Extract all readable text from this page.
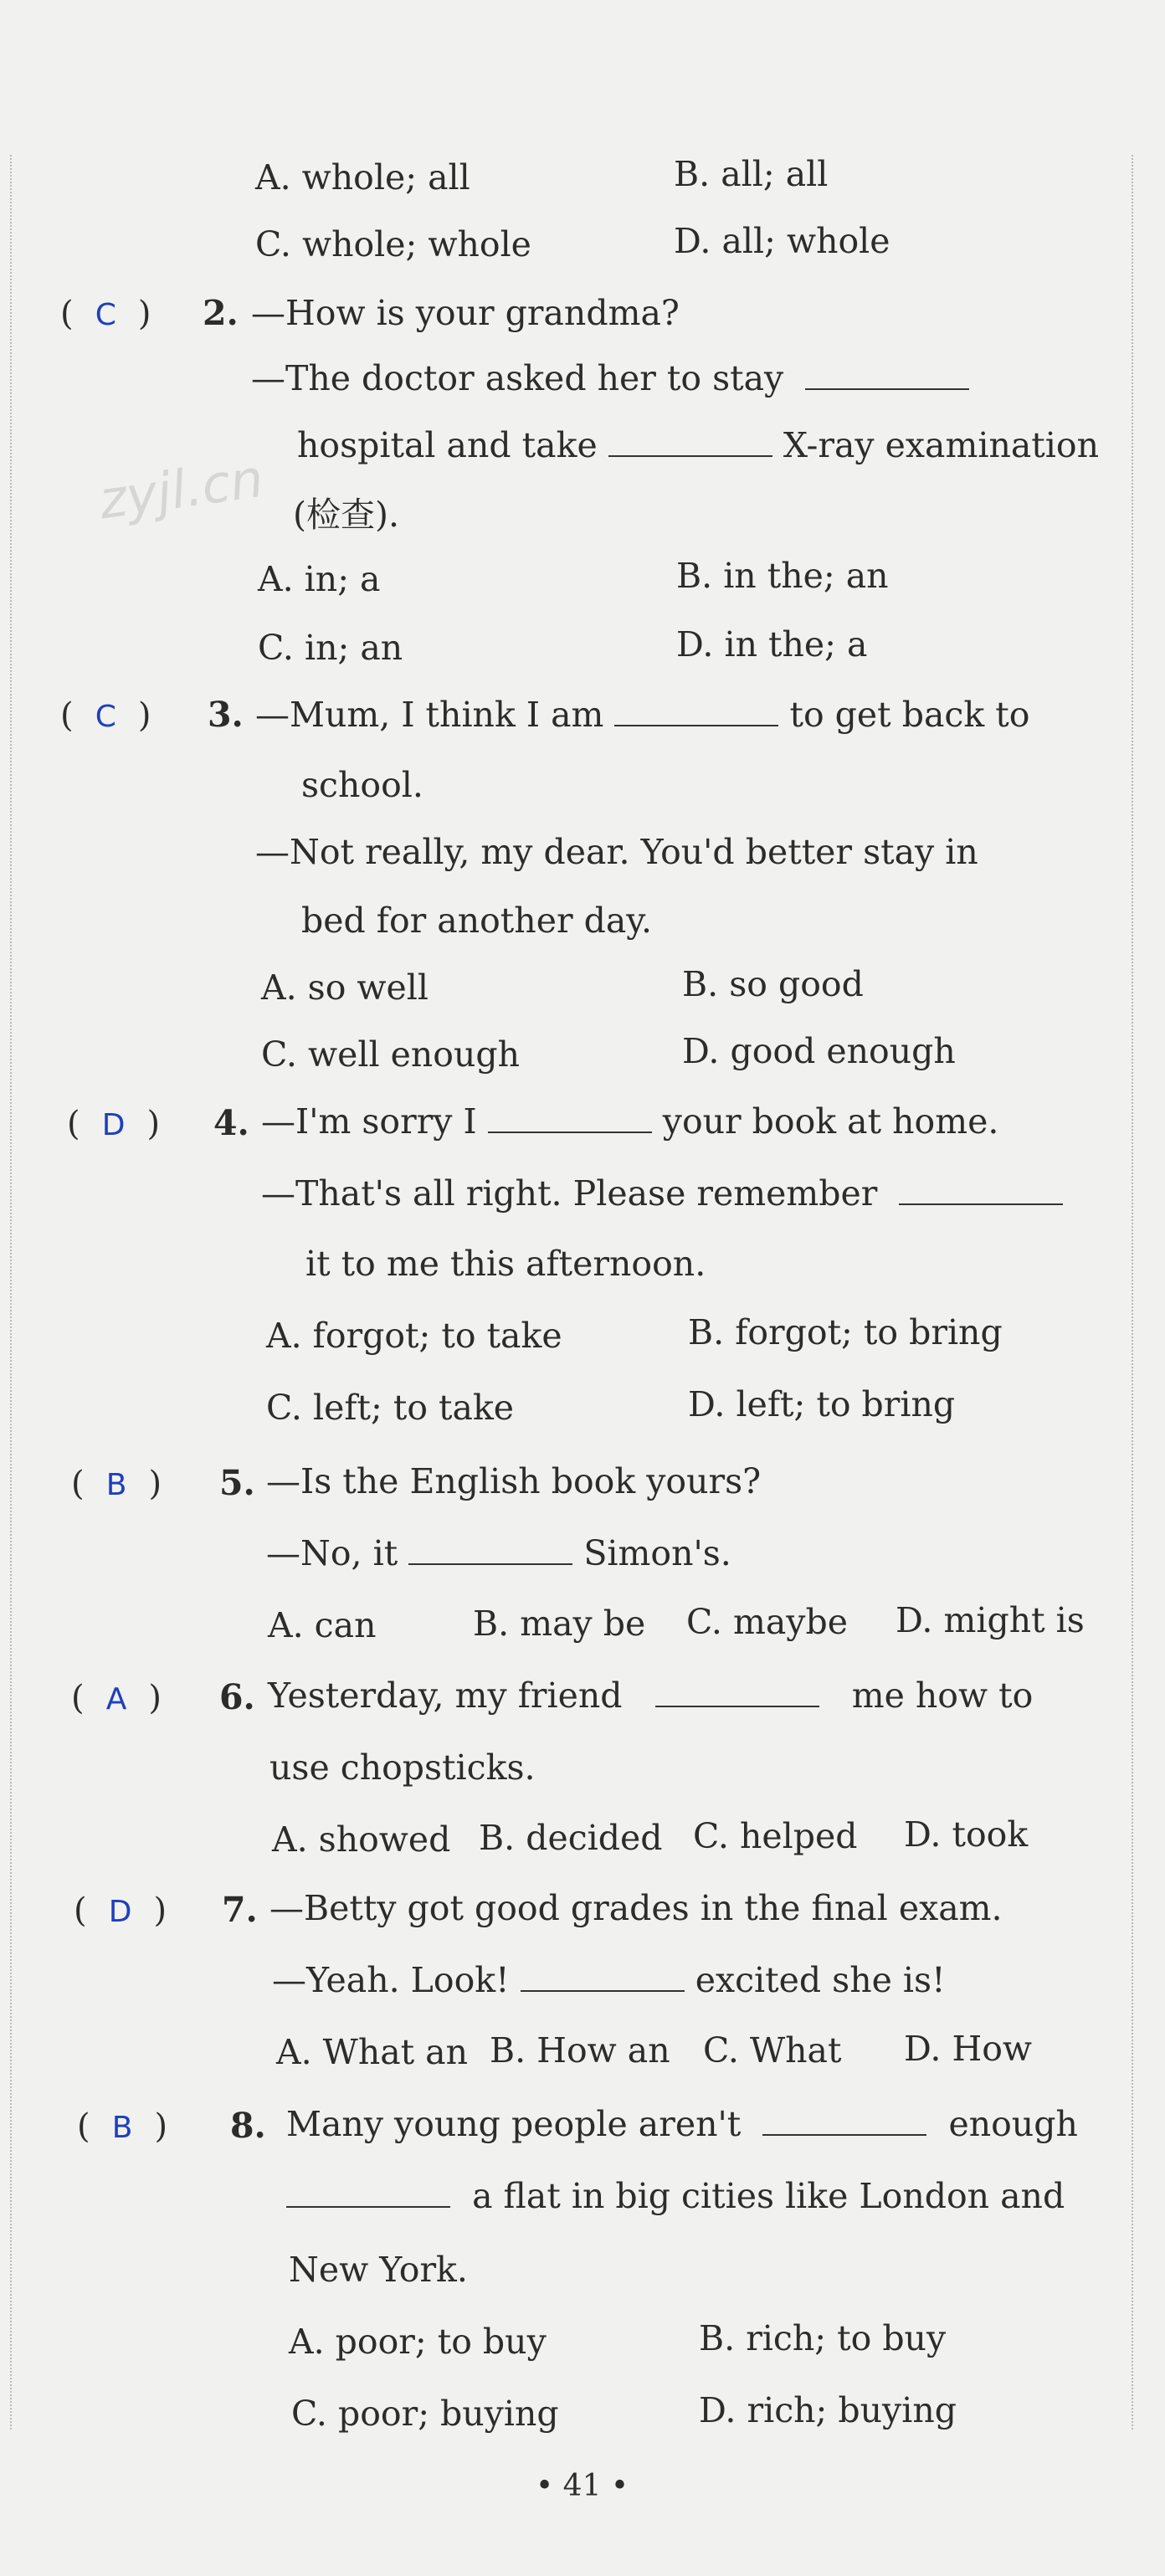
zyjl.cn
A. whole; all	B. all; all
C. whole; whole	D. all; whole
( C ) 2. —How is your grandma?
—The doctor asked her to stay
hospital and take	X-ray examination
(检查).
A. in; a	B. in the; an
C. in; an	D. in the; a
( C ) 3. —Mum, I think I am	to get back to
school.
—Not really, my dear. You'd better stay in
bed for another day.
A. so well	B. so good
C. well enough	D. good enough
( D ) 4. —I'm sorry I	your book at home.
—That's all right. Please remember
it to me this afternoon.
A. forgot; to take	B. forgot; to bring
C. left; to take	D. left; to bring
( B ) 5. —Is the English book yours?
—No, it	Simon's.
A. can	B. may be C. maybe D. might is
( A ) 6. Yesterday, my friend	me how to
use chopsticks.
A. showed B. decided C. helped D. took
( D ) 7. —Betty got good grades in the final exam.
—Yeah. Look!	excited she is!
A. What an B. How an C. What D. How
( B ) 8. Many young people aren't	enough
a flat in big cities like London and
New York.
A. poor; to buy	B. rich; to buy
C. poor; buying	D. rich; buying
• 41 •
